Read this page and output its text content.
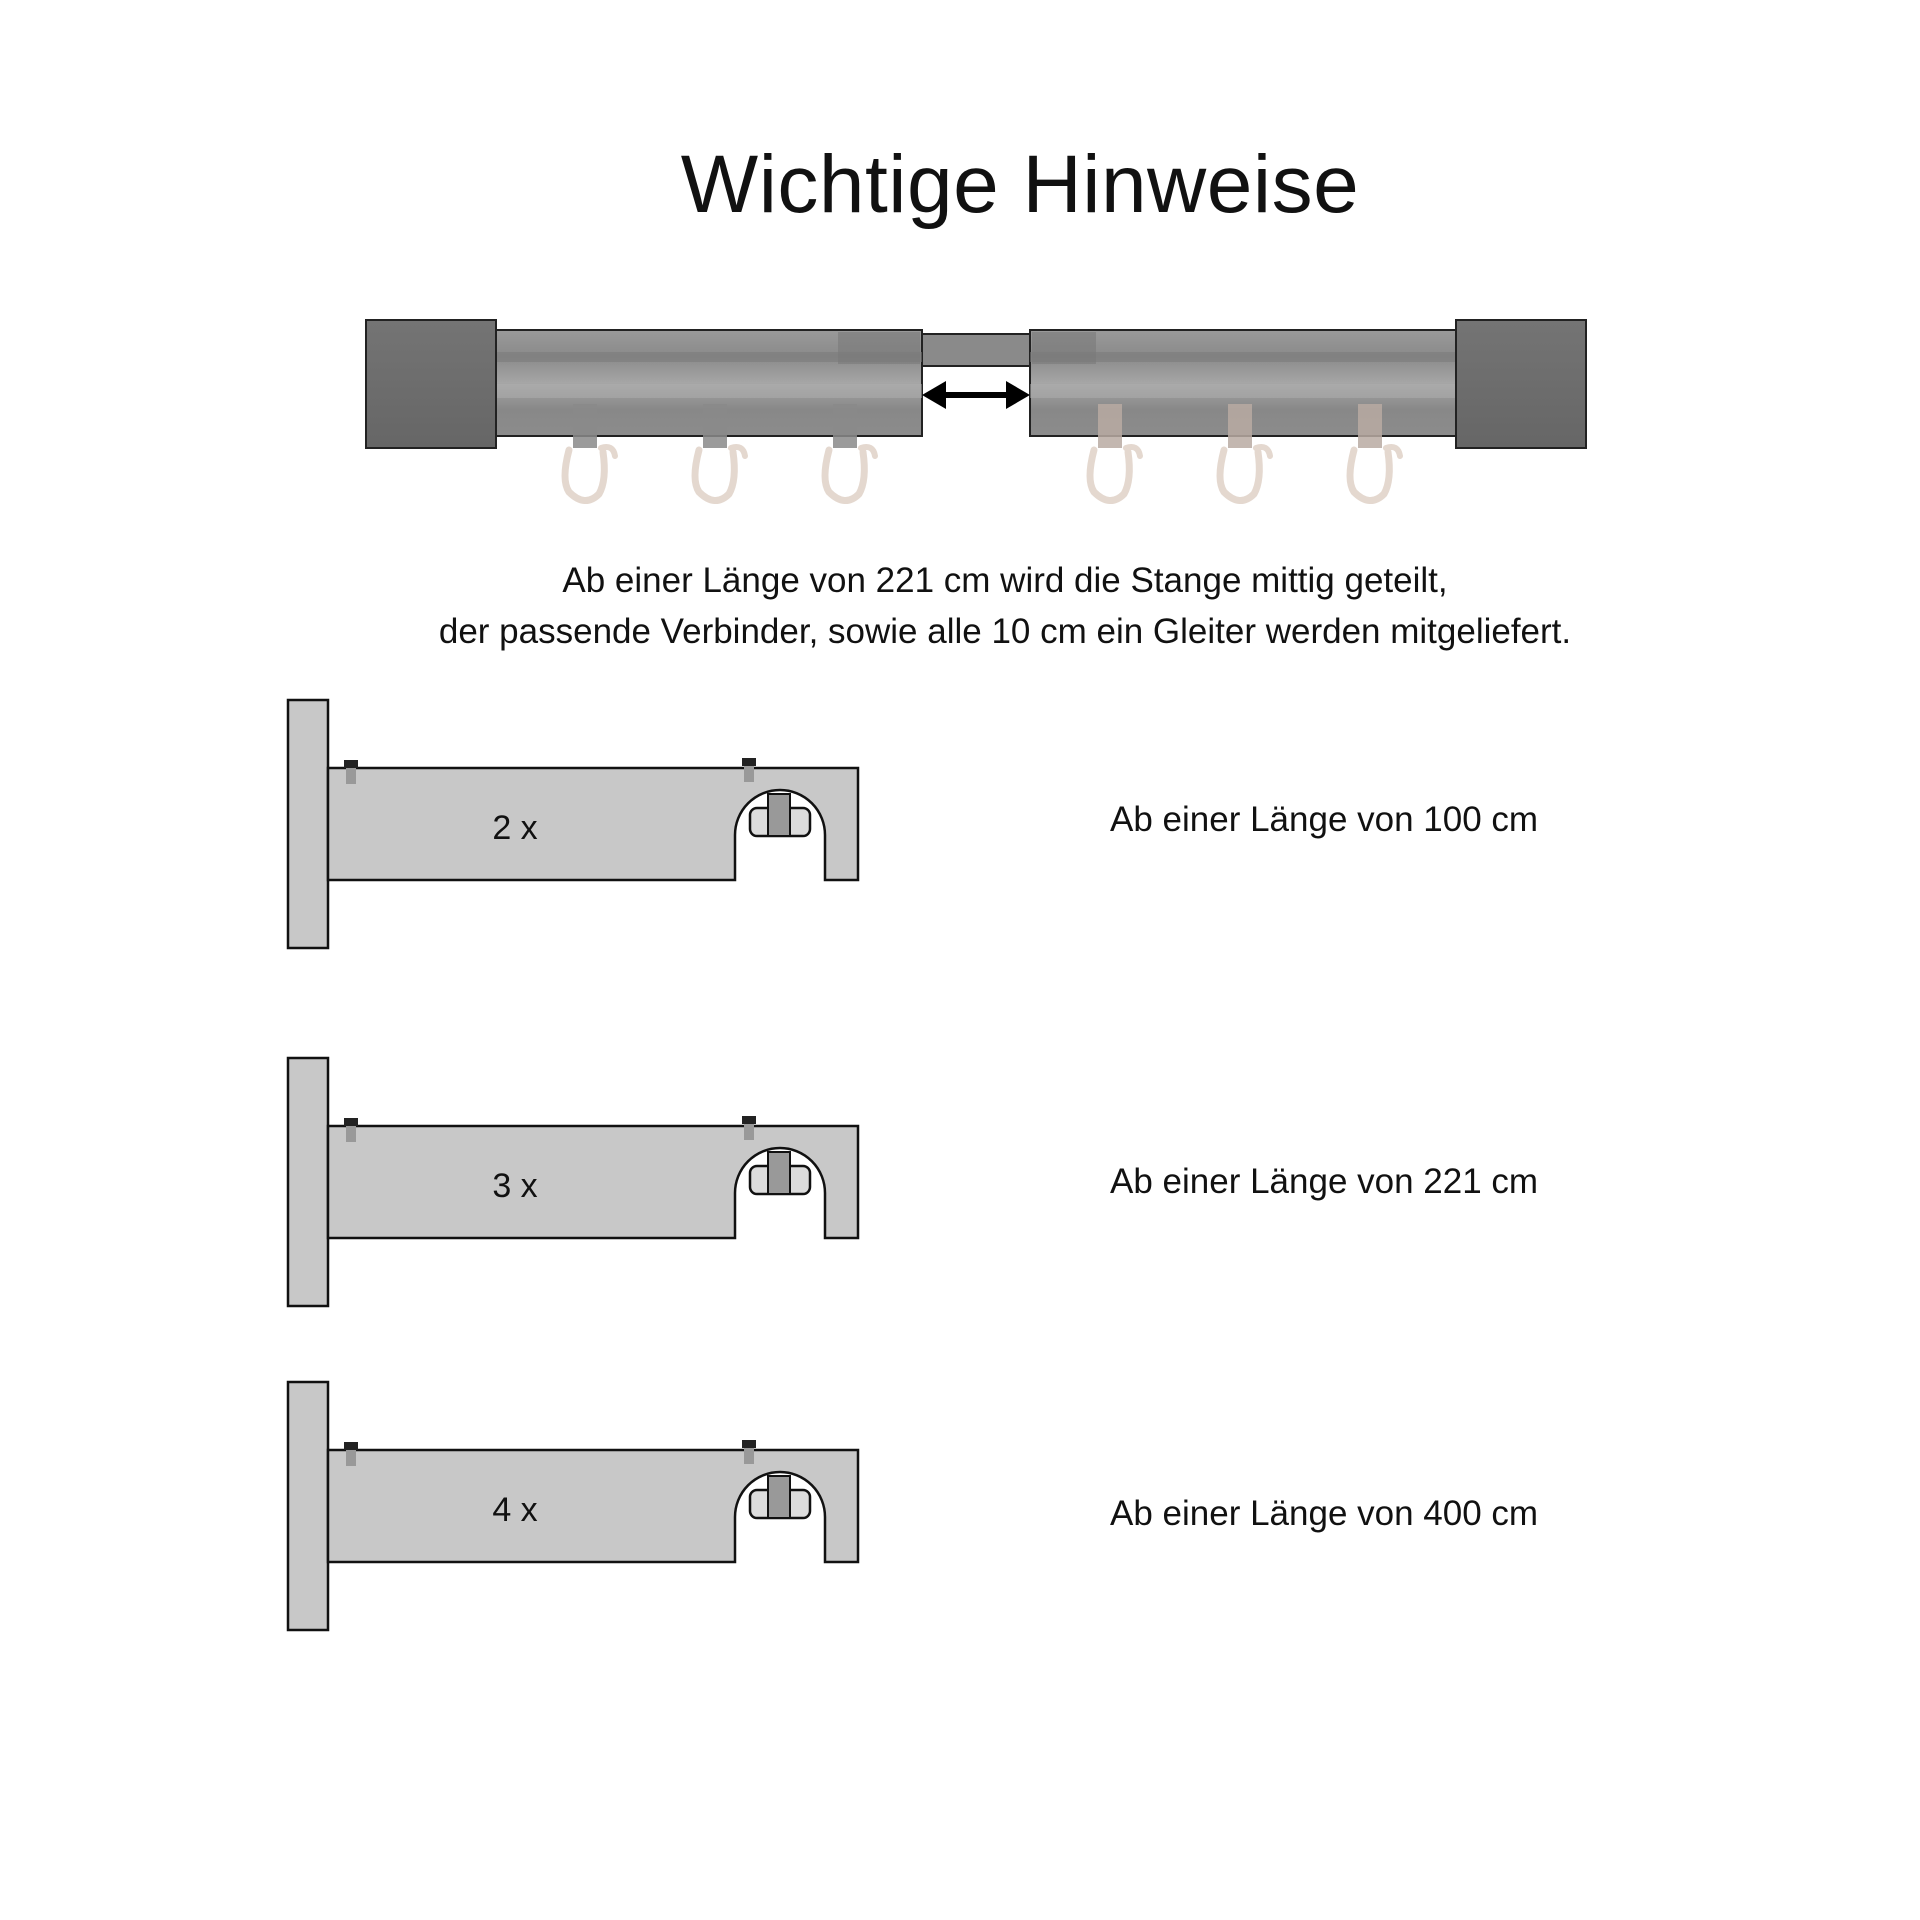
Wichtige Hinweise

Ab einer Länge von 221 cm wird die Stange mittig geteilt,
der passende Verbinder, sowie alle 10 cm ein Gleiter werden mitgeliefert.

2 x	Ab einer Länge von 100 cm
3 x	Ab einer Länge von 221 cm
4 x	Ab einer Länge von 400 cm
